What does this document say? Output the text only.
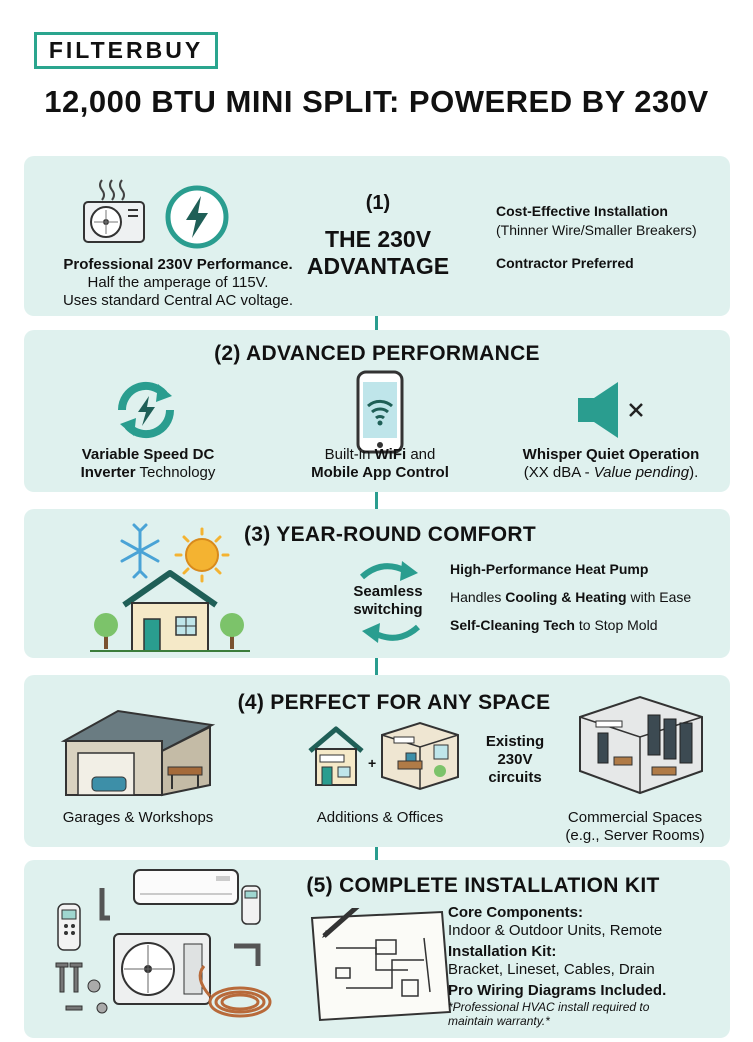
FILTERBUY
12,000 BTU MINI SPLIT: POWERED BY 230V
Professional 230V Performance.
Half the amperage of 115V.
Uses standard Central AC voltage.
(1)
THE 230V
ADVANTAGE
Cost-Effective Installation
(Thinner Wire/Smaller Breakers)
Contractor Preferred
(2) ADVANCED PERFORMANCE
Variable Speed DC
Inverter Technology
Built-in WiFi and
Mobile App Control
Whisper Quiet Operation
(XX dBA - Value pending).
(3) YEAR-ROUND COMFORT
Seamless
switching
High-Performance Heat Pump
Handles Cooling & Heating with Ease
Self-Cleaning Tech to Stop Mold
(4) PERFECT FOR ANY SPACE
+
Existing
230V
circuits
Garages & Workshops	Additions & Offices	Commercial Spaces
(e.g., Server Rooms)
(5) COMPLETE INSTALLATION KIT
Core Components:
Indoor & Outdoor Units, Remote
Installation Kit:
Bracket, Lineset, Cables, Drain
Pro Wiring Diagrams Included.
*Professional HVAC install required to
maintain warranty.*
